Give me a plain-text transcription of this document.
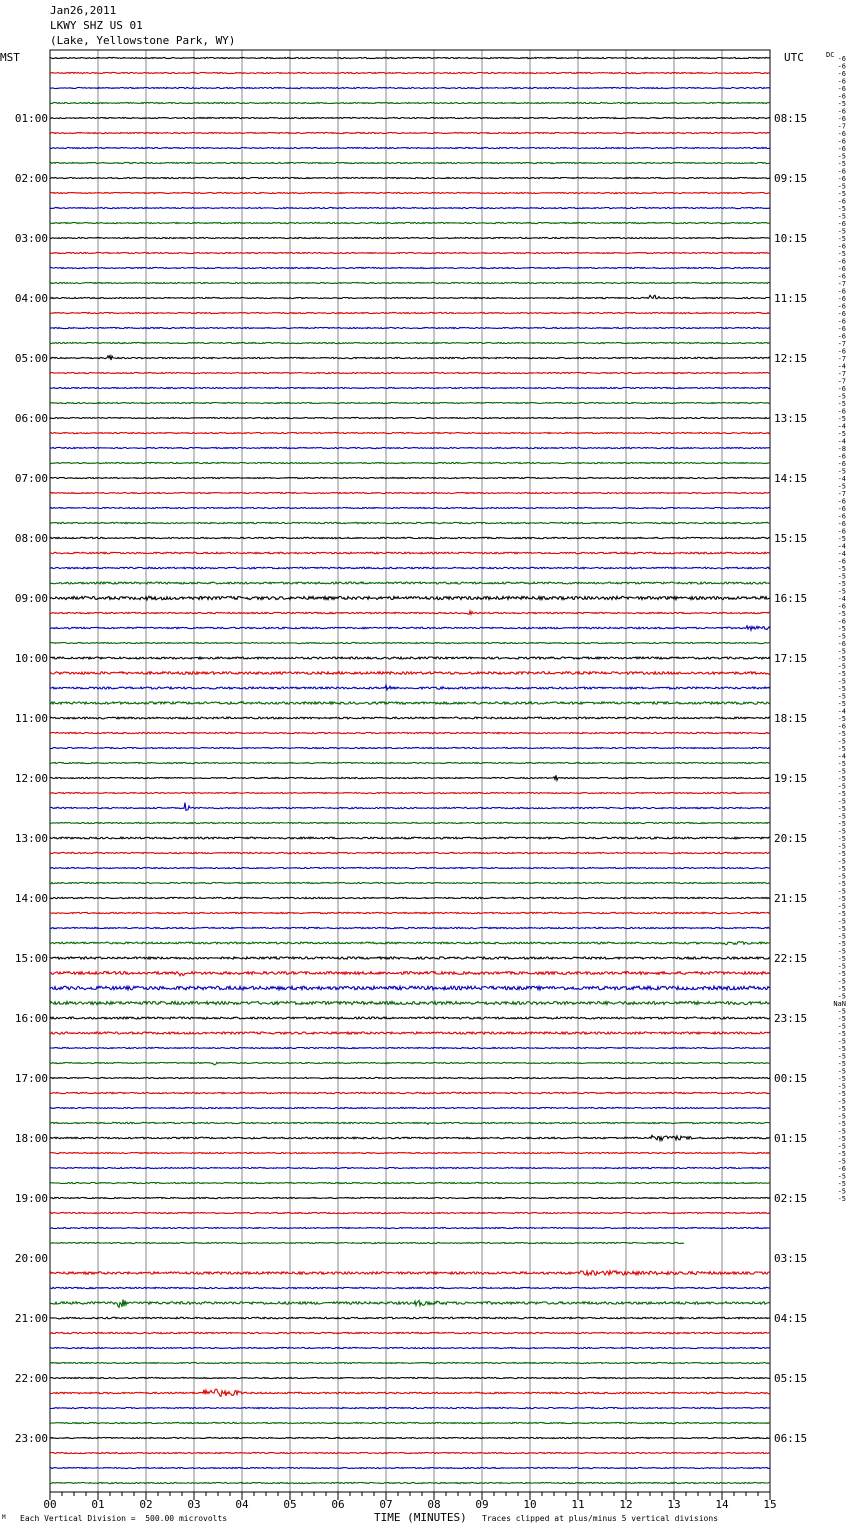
Jan26,2011
LKWY SHZ US 01
(Lake, Yellowstone Park, WY)
00	01	02	03	04	05	06	07	08	09	10	11	12	13	14	15
MST	UTC	DC
01:00
02:00
03:00
04:00
05:00
06:00
07:00
08:00
09:00
10:00
11:00
12:00
13:00
14:00
15:00
16:00
17:00
18:00
19:00
20:00
21:00
22:00
23:00
08:15
09:15
10:15
11:15
12:15
13:15
14:15
15:15
16:15
17:15
18:15
19:15
20:15
21:15
22:15
23:15
00:15
01:15
02:15
03:15
04:15
05:15
06:15
-6
-6
-6
-6
-6
-6
-5
-6
-6
-7
-6
-6
-6
-5
-5
-6
-6
-5
-5
-6
-5
-5
-6
-5
-5
-6
-5
-6
-6
-6
-7
-6
-6
-6
-6
-6
-6
-6
-7
-6
-7
-4
-7
-7
-6
-5
-5
-6
-5
-4
-5
-4
-8
-6
-6
-5
-4
-5
-7
-6
-6
-6
-6
-6
-5
-4
-4
-6
-5
-5
-5
-5
-4
-6
-5
-6
-5
-5
-6
-5
-5
-5
-5
-5
-5
-5
-5
-4
-5
-6
-5
-5
-5
-4
-5
-5
-5
-5
-5
-5
-5
-5
-5
-5
-5
-5
-5
-5
-5
-5
-5
-5
-5
-5
-5
-5
-5
-5
-5
-5
-5
-5
-5
-5
-5
-5
NaN
-5
-5
-5
-5
-5
-5
-5
-5
-5
-5
-5
-5
-5
-5
-5
-5
-5
-5
-5
-5
-5
-6
-5
-5
-5
-5
M Each Vertical Division =  500.00 microvolts	TIME (MINUTES) Traces clipped at plus/minus 5 vertical divisions
